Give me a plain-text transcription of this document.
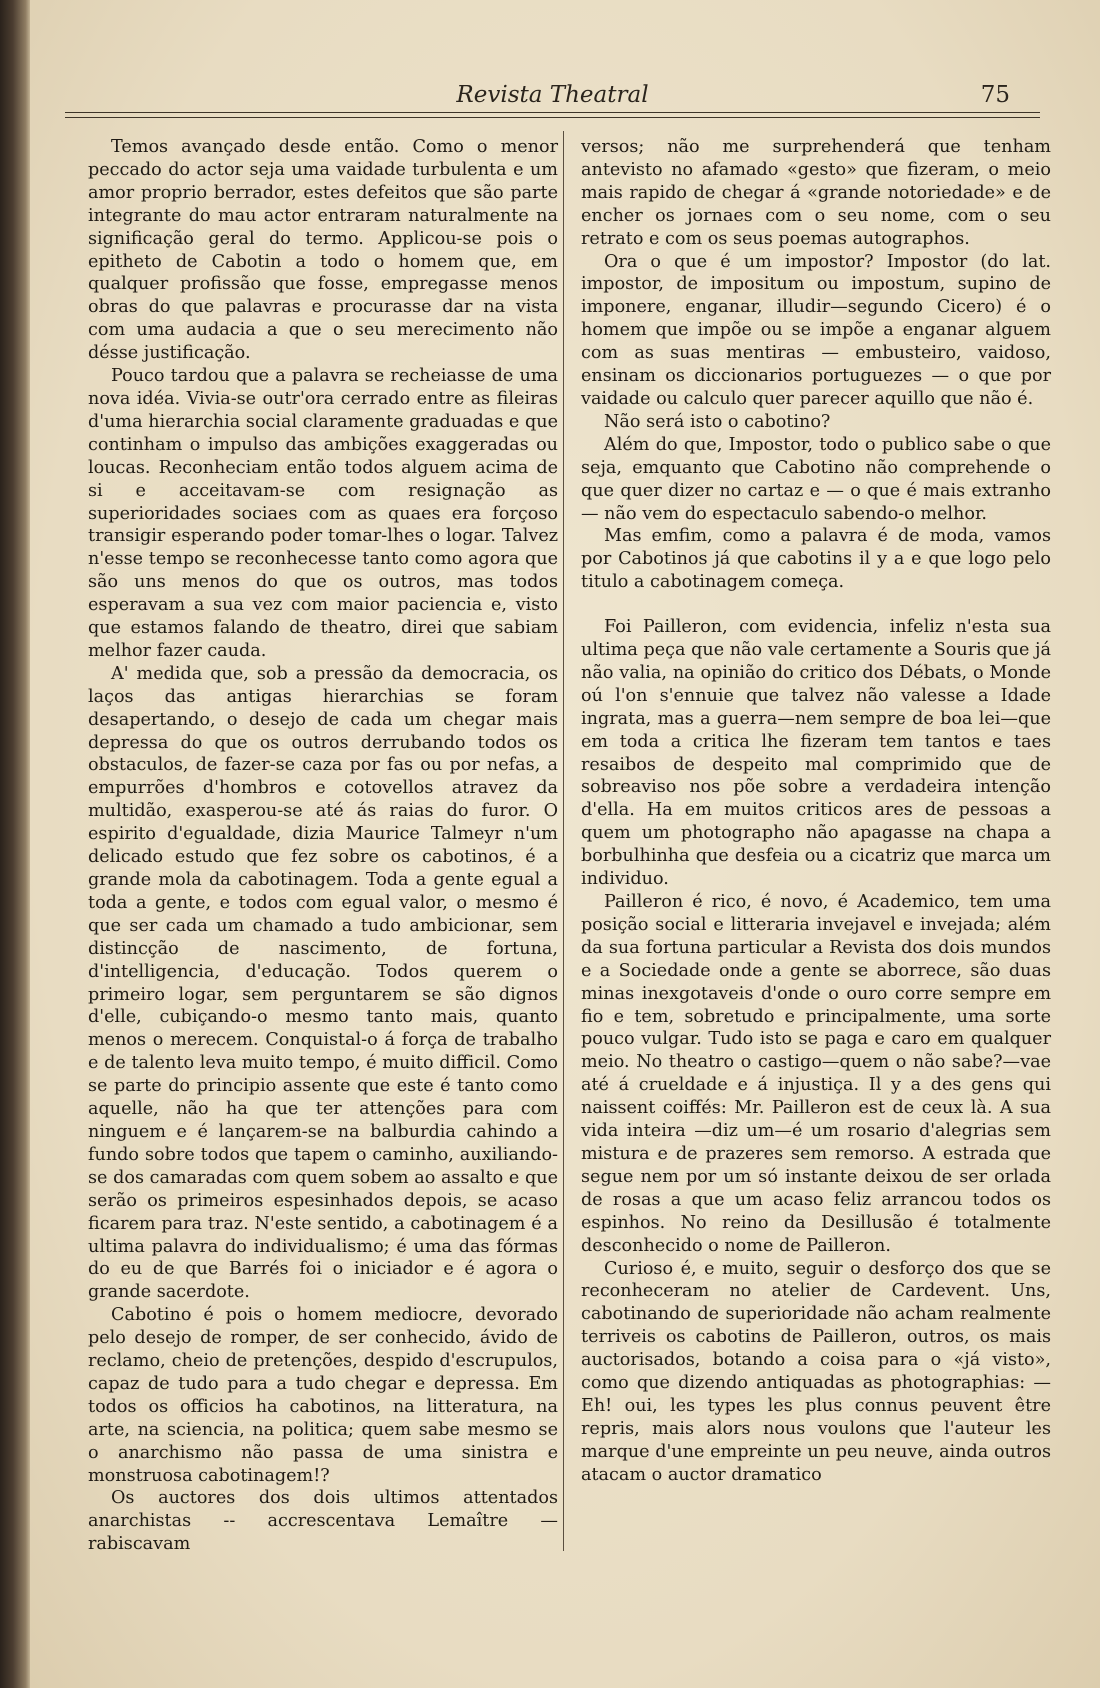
Revista Theatral	75

Temos avançado desde então. Como o menor peccado do actor seja uma vaidade turbulenta e um amor proprio berrador, estes defeitos que são parte integrante do mau actor entraram naturalmente na significação geral do termo. Applicou-se pois o epitheto de Cabotin a todo o homem que, em qualquer profissão que fosse, empregasse menos obras do que palavras e procurasse dar na vista com uma audacia a que o seu merecimento não désse justificação.

Pouco tardou que a palavra se recheiasse de uma nova idéa. Vivia-se outr'ora cerrado entre as fileiras d'uma hierarchia social claramente graduadas e que continham o impulso das ambições exaggeradas ou loucas. Reconheciam então todos alguem acima de si e acceitavam-se com resignação as superioridades sociaes com as quaes era forçoso transigir esperando poder tomar-lhes o logar. Talvez n'esse tempo se reconhecesse tanto como agora que são uns menos do que os outros, mas todos esperavam a sua vez com maior paciencia e, visto que estamos falando de theatro, direi que sabiam melhor fazer cauda.

A' medida que, sob a pressão da democracia, os laços das antigas hierarchias se foram desapertando, o desejo de cada um chegar mais depressa do que os outros derrubando todos os obstaculos, de fazer-se caza por fas ou por nefas, a empurrões d'hombros e cotovellos atravez da multidão, exasperou-se até ás raias do furor. O espirito d'egualdade, dizia Maurice Talmeyr n'um delicado estudo que fez sobre os cabotinos, é a grande mola da cabotinagem. Toda a gente egual a toda a gente, e todos com egual valor, o mesmo é que ser cada um chamado a tudo ambicionar, sem distincção de nascimento, de fortuna, d'intelligencia, d'educação. Todos querem o primeiro logar, sem perguntarem se são dignos d'elle, cubiçando-o mesmo tanto mais, quanto menos o merecem. Conquistal-o á força de trabalho e de talento leva muito tempo, é muito difficil. Como se parte do principio assente que este é tanto como aquelle, não ha que ter attenções para com ninguem e é lançarem-se na balburdia cahindo a fundo sobre todos que tapem o caminho, auxiliando-se dos camaradas com quem sobem ao assalto e que serão os primeiros espesinhados depois, se acaso ficarem para traz. N'este sentido, a cabotinagem é a ultima palavra do individualismo; é uma das fórmas do eu de que Barrés foi o iniciador e é agora o grande sacerdote.

Cabotino é pois o homem mediocre, devorado pelo desejo de romper, de ser conhecido, ávido de reclamo, cheio de pretenções, despido d'escrupulos, capaz de tudo para a tudo chegar e depressa. Em todos os officios ha cabotinos, na litteratura, na arte, na sciencia, na politica; quem sabe mesmo se o anarchismo não passa de uma sinistra e monstruosa cabotinagem!?

Os auctores dos dois ultimos attentados anarchistas -- accrescentava Lemaître — rabiscavam

versos; não me surprehenderá que tenham antevisto no afamado «gesto» que fizeram, o meio mais rapido de chegar á «grande notoriedade» e de encher os jornaes com o seu nome, com o seu retrato e com os seus poemas autographos.

Ora o que é um impostor? Impostor (do lat. impostor, de impositum ou impostum, supino de imponere, enganar, illudir—segundo Cicero) é o homem que impõe ou se impõe a enganar alguem com as suas mentiras — embusteiro, vaidoso, ensinam os diccionarios portuguezes — o que por vaidade ou calculo quer parecer aquillo que não é.

Não será isto o cabotino?

Além do que, Impostor, todo o publico sabe o que seja, emquanto que Cabotino não comprehende o que quer dizer no cartaz e — o que é mais extranho — não vem do espectaculo sabendo-o melhor.

Mas emfim, como a palavra é de moda, vamos por Cabotinos já que cabotins il y a e que logo pelo titulo a cabotinagem começa.

Foi Pailleron, com evidencia, infeliz n'esta sua ultima peça que não vale certamente a Souris que já não valia, na opinião do critico dos Débats, o Monde oú l'on s'ennuie que talvez não valesse a Idade ingrata, mas a guerra—nem sempre de boa lei—que em toda a critica lhe fizeram tem tantos e taes resaibos de despeito mal comprimido que de sobreaviso nos põe sobre a verdadeira intenção d'ella. Ha em muitos criticos ares de pessoas a quem um photographo não apagasse na chapa a borbulhinha que desfeia ou a cicatriz que marca um individuo.

Pailleron é rico, é novo, é Academico, tem uma posição social e litteraria invejavel e invejada; além da sua fortuna particular a Revista dos dois mundos e a Sociedade onde a gente se aborrece, são duas minas inexgotaveis d'onde o ouro corre sempre em fio e tem, sobretudo e principalmente, uma sorte pouco vulgar. Tudo isto se paga e caro em qualquer meio. No theatro o castigo—quem o não sabe?—vae até á crueldade e á injustiça. Il y a des gens qui naissent coiffés: Mr. Pailleron est de ceux là. A sua vida inteira —diz um—é um rosario d'alegrias sem mistura e de prazeres sem remorso. A estrada que segue nem por um só instante deixou de ser orlada de rosas a que um acaso feliz arrancou todos os espinhos. No reino da Desillusão é totalmente desconhecido o nome de Pailleron.

Curioso é, e muito, seguir o desforço dos que se reconheceram no atelier de Cardevent. Uns, cabotinando de superioridade não acham realmente terriveis os cabotins de Pailleron, outros, os mais auctorisados, botando a coisa para o «já visto», como que dizendo antiquadas as photographias: — Eh! oui, les types les plus connus peuvent être repris, mais alors nous voulons que l'auteur les marque d'une empreinte un peu neuve, ainda outros atacam o auctor dramatico
